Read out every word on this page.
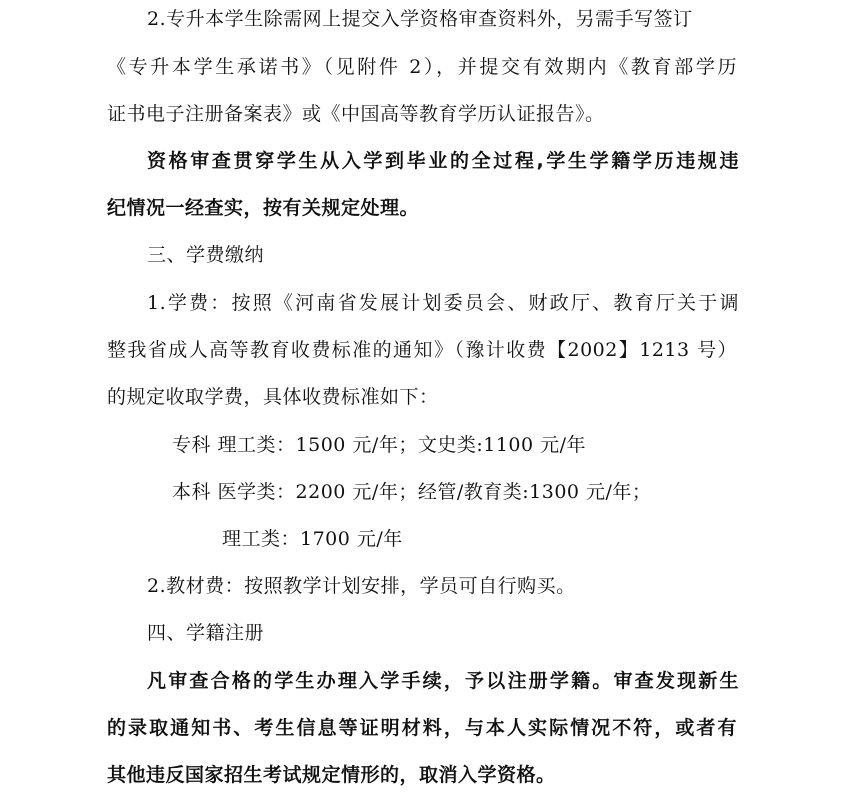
2.专升本学生除需网上提交入学资格审查资料外，另需手写签订
《专升本学生承诺书》（见附件 2），并提交有效期内《教育部学历
证书电子注册备案表》或《中国高等教育学历认证报告》。
资格审查贯穿学生从入学到毕业的全过程,学生学籍学历违规违
纪情况一经查实，按有关规定处理。
三、学费缴纳
1.学费：按照《河南省发展计划委员会、财政厅、教育厅关于调
整我省成人高等教育收费标准的通知》（豫计收费【2002】1213 号）
的规定收取学费，具体收费标准如下：
专科 理工类：1500 元/年；文史类:1100 元/年
本科 医学类：2200 元/年；经管/教育类:1300 元/年；
理工类：1700 元/年
2.教材费：按照教学计划安排，学员可自行购买。
四、学籍注册
凡审查合格的学生办理入学手续，予以注册学籍。审查发现新生
的录取通知书、考生信息等证明材料，与本人实际情况不符，或者有
其他违反国家招生考试规定情形的，取消入学资格。
